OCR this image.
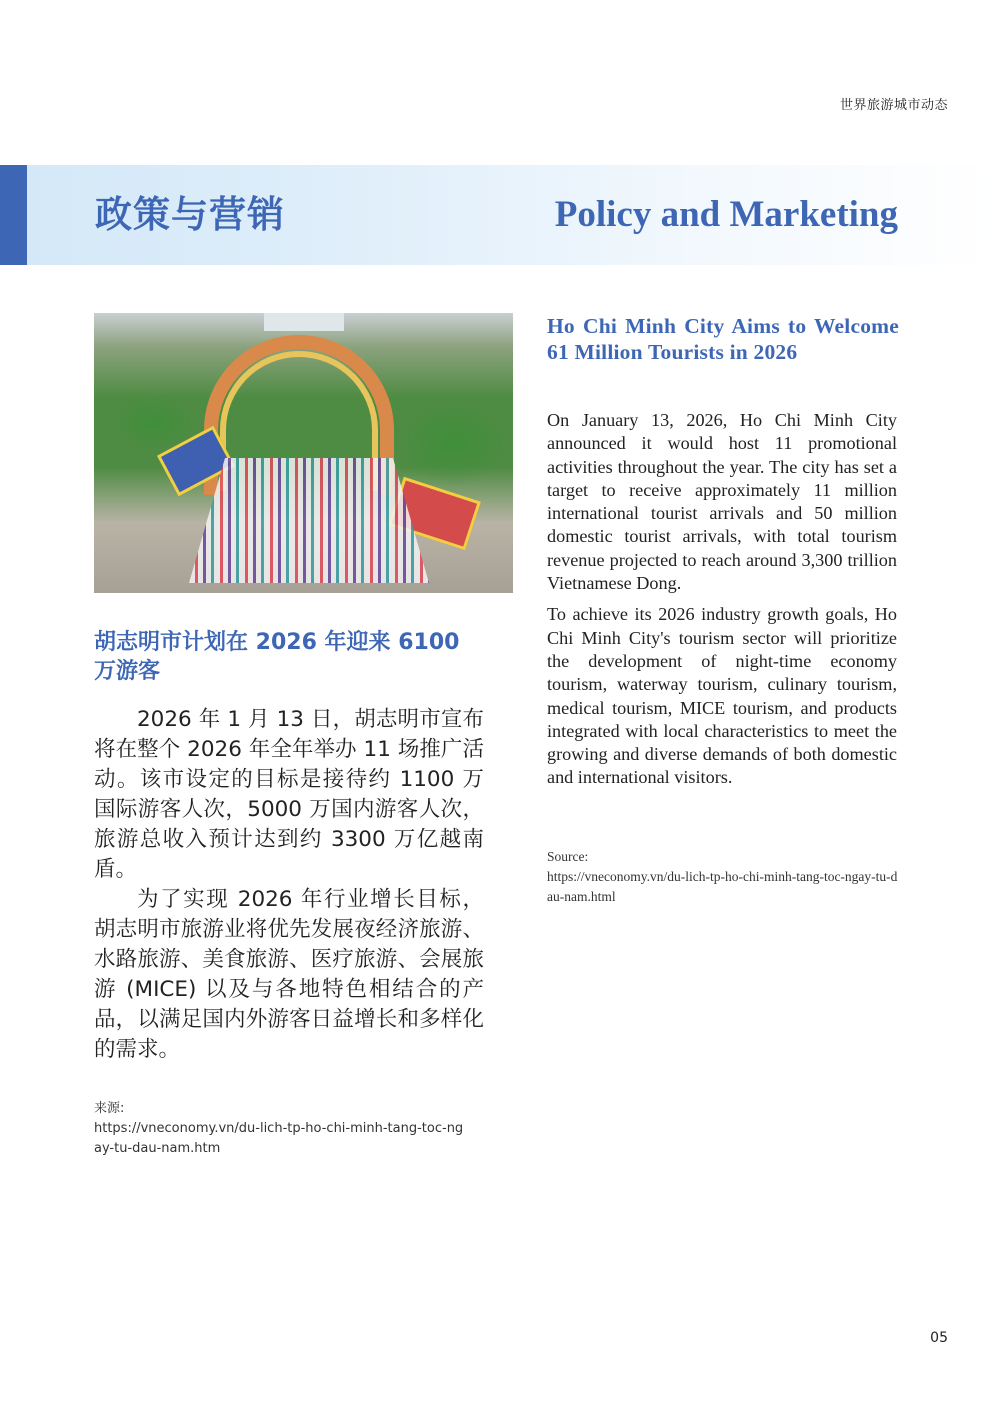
世界旅游城市动态
政策与营销	Policy and Marketing
胡志明市计划在 2026 年迎来 6100 万游客

2026 年 1 月 13 日，胡志明市宣布将在整个 2026 年全年举办 11 场推广活动。该市设定的目标是接待约 1100 万国际游客人次，5000 万国内游客人次，旅游总收入预计达到约 3300 万亿越南盾。

为了实现 2026 年行业增长目标，胡志明市旅游业将优先发展夜经济旅游、水路旅游、美食旅游、医疗旅游、会展旅游 (MICE) 以及与各地特色相结合的产品，以满足国内外游客日益增长和多样化的需求。

来源:
https://vneconomy.vn/du-lich-tp-ho-chi-minh-tang-toc-ngay-tu-dau-nam.htm
Ho Chi Minh City Aims to Welcome 61 Million Tourists in 2026

On January 13, 2026, Ho Chi Minh City announced it would host 11 promotional activities throughout the year. The city has set a target to receive approximately 11 million international tourist arrivals and 50 million domestic tourist arrivals, with total tourism revenue projected to reach around 3,300 trillion Vietnamese Dong.

To achieve its 2026 industry growth goals, Ho Chi Minh City's tourism sector will prioritize the development of night-time economy tourism, waterway tourism, culinary tourism, medical tourism, MICE tourism, and products integrated with local characteristics to meet the growing and diverse demands of both domestic and international visitors.

Source:
https://vneconomy.vn/du-lich-tp-ho-chi-minh-tang-toc-ngay-tu-dau-nam.html
05
